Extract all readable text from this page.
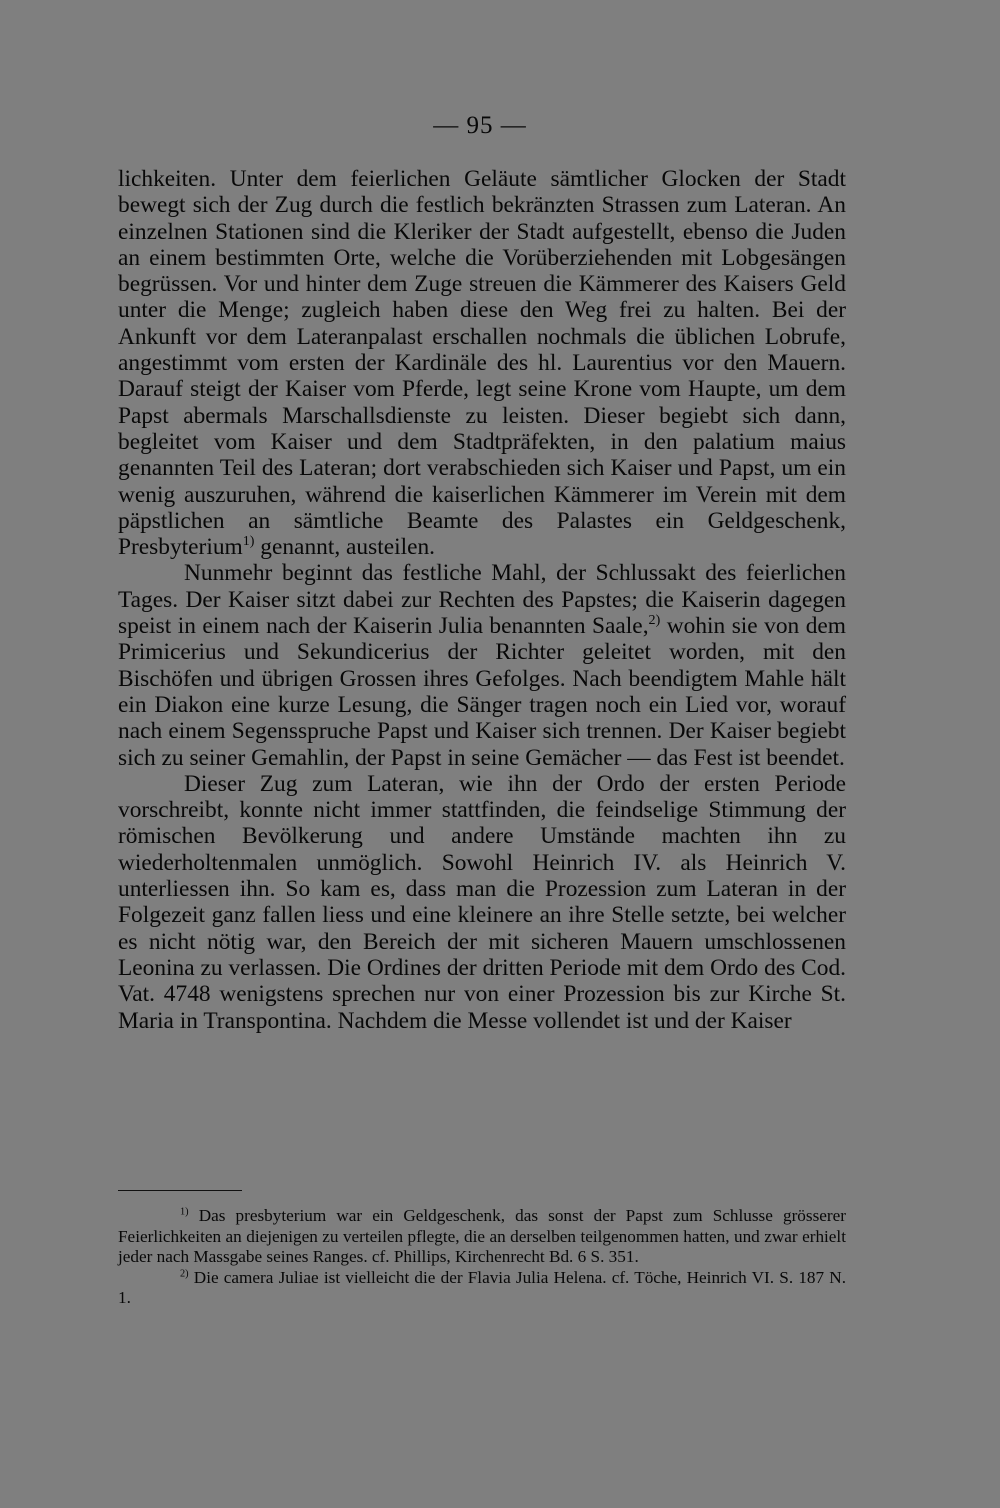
— 95 —

lichkeiten. Unter dem feierlichen Geläute sämtlicher Glocken der Stadt bewegt sich der Zug durch die festlich bekränzten Strassen zum Lateran. An einzelnen Stationen sind die Kleriker der Stadt aufgestellt, ebenso die Juden an einem bestimmten Orte, welche die Vorüberziehenden mit Lobgesängen begrüssen. Vor und hinter dem Zuge streuen die Kämmerer des Kaisers Geld unter die Menge; zugleich haben diese den Weg frei zu halten. Bei der Ankunft vor dem Lateranpalast erschallen nochmals die üblichen Lobrufe, angestimmt vom ersten der Kardinäle des hl. Laurentius vor den Mauern. Darauf steigt der Kaiser vom Pferde, legt seine Krone vom Haupte, um dem Papst abermals Marschallsdienste zu leisten. Dieser begiebt sich dann, begleitet vom Kaiser und dem Stadtpräfekten, in den palatium maius genannten Teil des Lateran; dort verabschieden sich Kaiser und Papst, um ein wenig auszuruhen, während die kaiserlichen Kämmerer im Verein mit dem päpstlichen an sämtliche Beamte des Palastes ein Geldgeschenk, Presbyterium$^{1)}$ genannt, austeilen.

Nunmehr beginnt das festliche Mahl, der Schlussakt des feierlichen Tages. Der Kaiser sitzt dabei zur Rechten des Papstes; die Kaiserin dagegen speist in einem nach der Kaiserin Julia benannten Saale,$^{2)}$ wohin sie von dem Primicerius und Sekundicerius der Richter geleitet worden, mit den Bischöfen und übrigen Grossen ihres Gefolges. Nach beendigtem Mahle hält ein Diakon eine kurze Lesung, die Sänger tragen noch ein Lied vor, worauf nach einem Segensspruche Papst und Kaiser sich trennen. Der Kaiser begiebt sich zu seiner Gemahlin, der Papst in seine Gemächer — das Fest ist beendet.

Dieser Zug zum Lateran, wie ihn der Ordo der ersten Periode vorschreibt, konnte nicht immer stattfinden, die feindselige Stimmung der römischen Bevölkerung und andere Umstände machten ihn zu wiederholtenmalen unmöglich. Sowohl Heinrich IV. als Heinrich V. unterliessen ihn. So kam es, dass man die Prozession zum Lateran in der Folgezeit ganz fallen liess und eine kleinere an ihre Stelle setzte, bei welcher es nicht nötig war, den Bereich der mit sicheren Mauern umschlossenen Leonina zu verlassen. Die Ordines der dritten Periode mit dem Ordo des Cod. Vat. 4748 wenigstens sprechen nur von einer Prozession bis zur Kirche St. Maria in Transpontina. Nachdem die Messe vollendet ist und der Kaiser

$^{1)}$ Das presbyterium war ein Geldgeschenk, das sonst der Papst zum Schlusse grösserer Feierlichkeiten an diejenigen zu verteilen pflegte, die an derselben teilgenommen hatten, und zwar erhielt jeder nach Massgabe seines Ranges. cf. Phillips, Kirchenrecht Bd. 6 S. 351.

$^{2)}$ Die camera Juliae ist vielleicht die der Flavia Julia Helena. cf. Töche, Heinrich VI. S. 187 N. 1.
